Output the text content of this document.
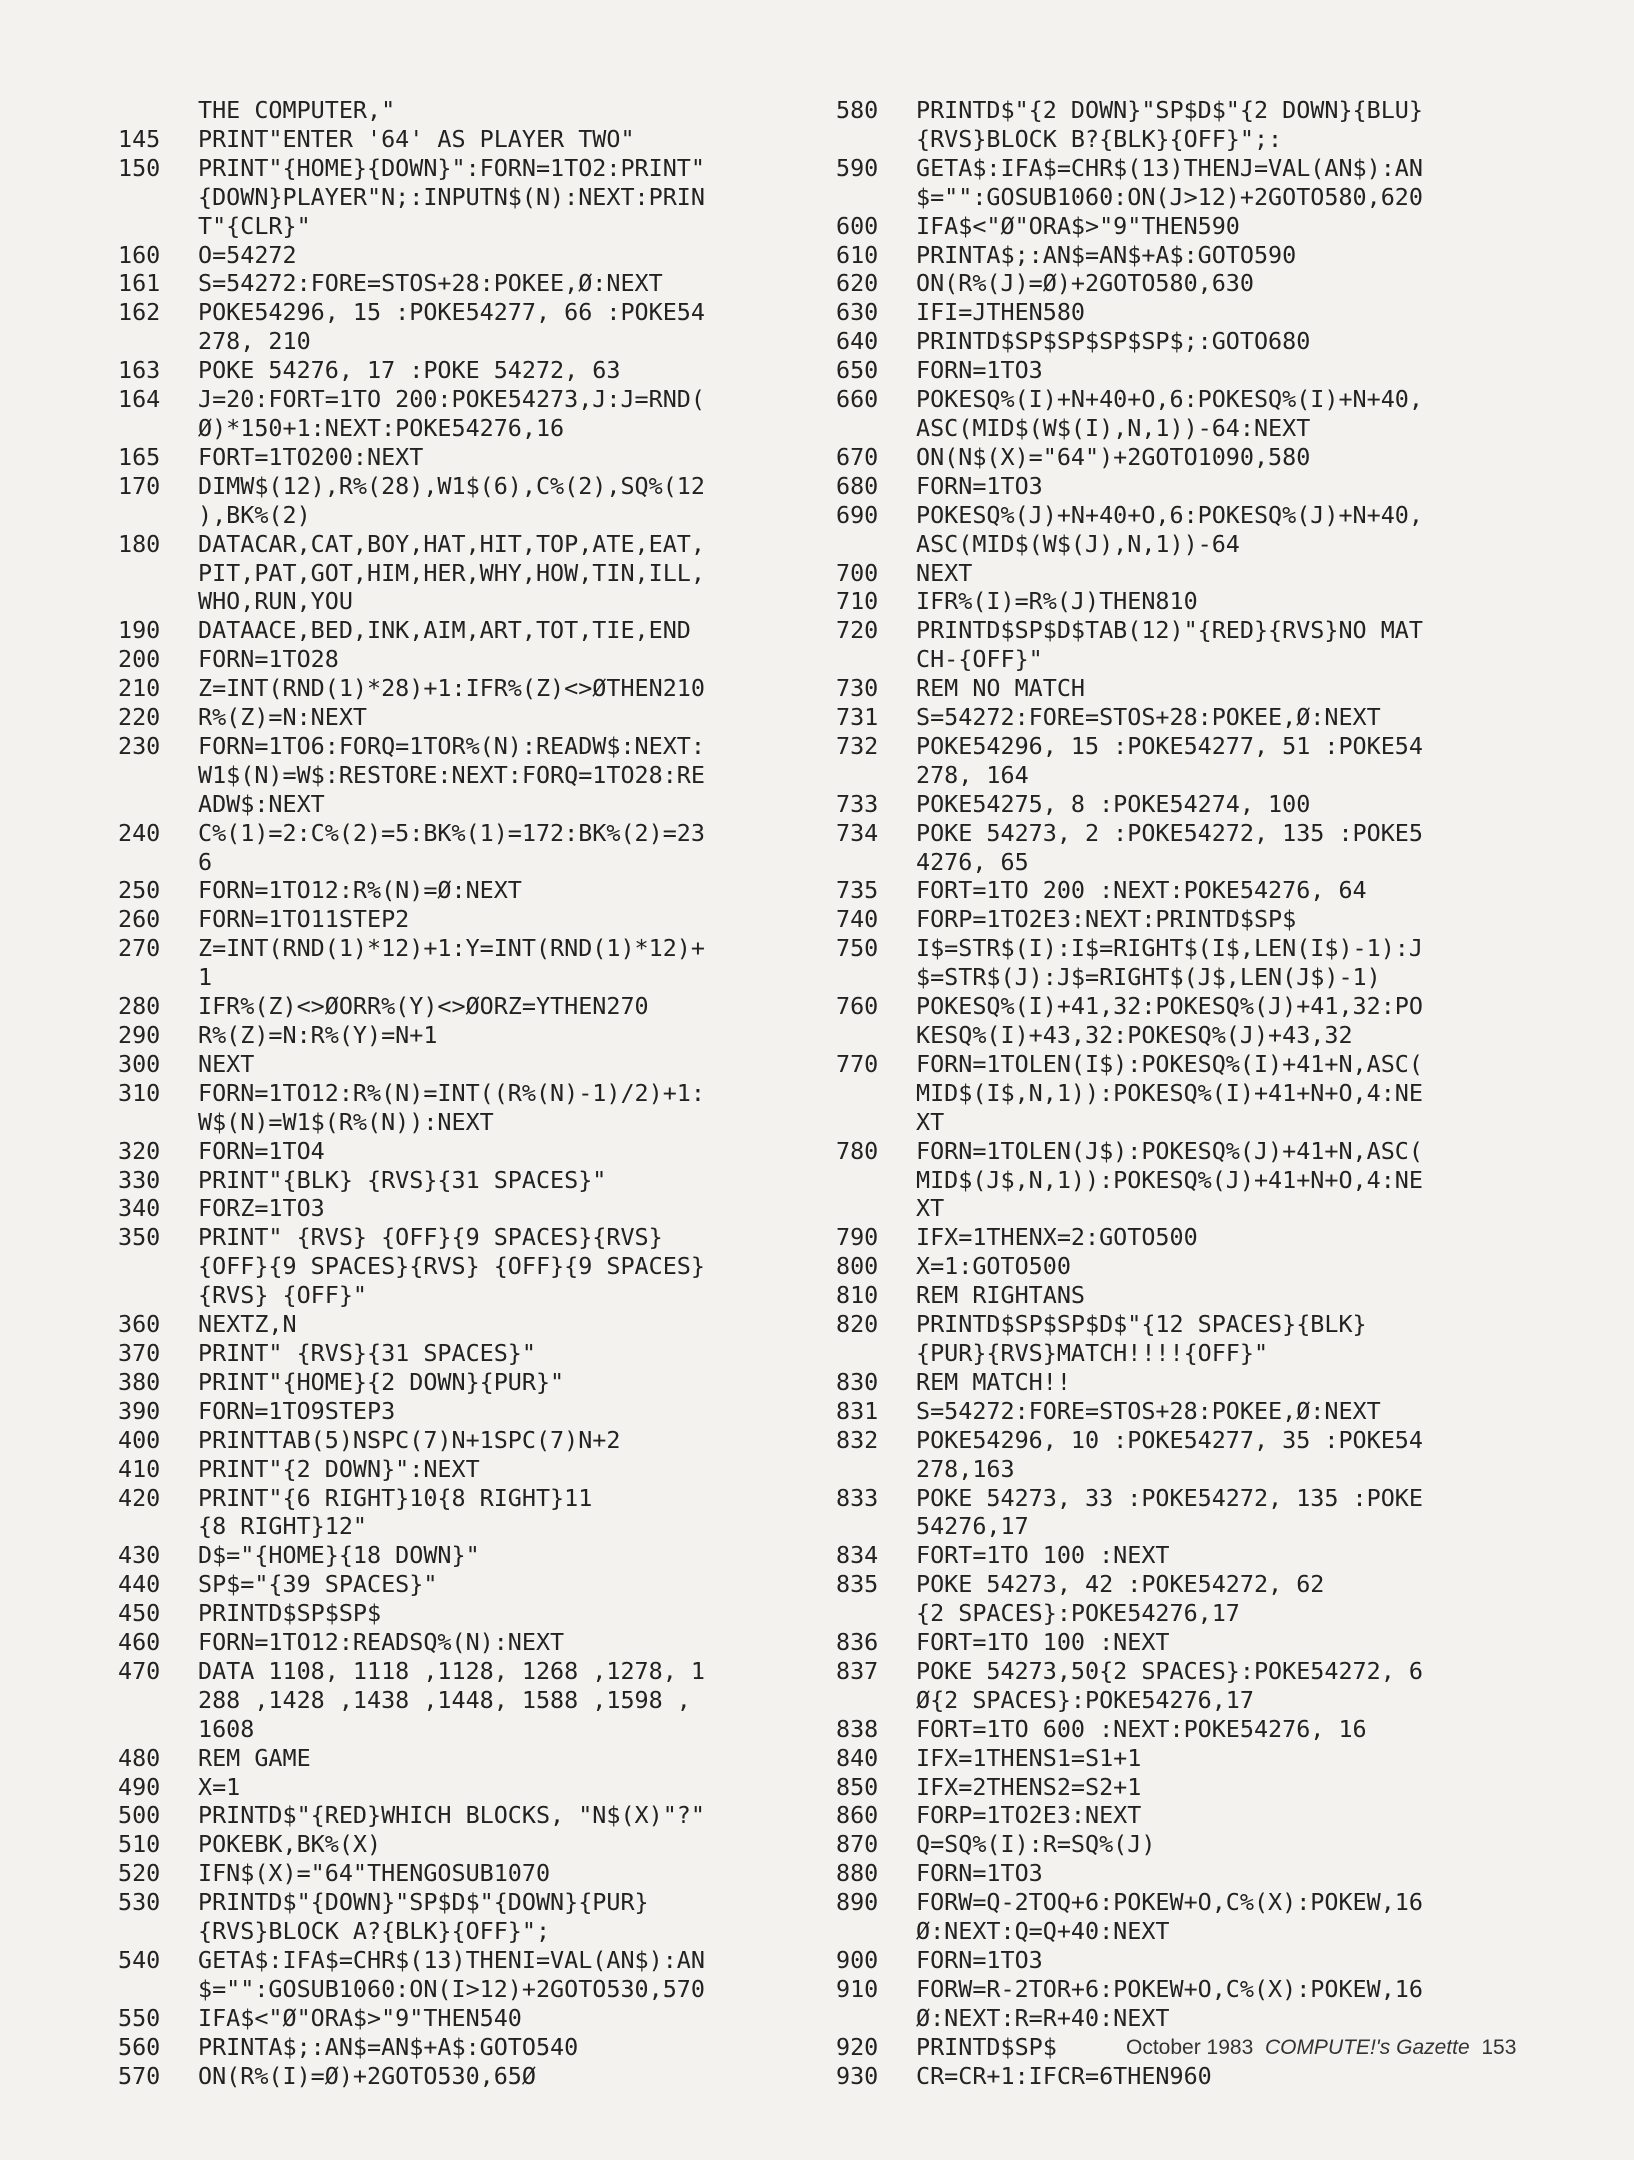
THE COMPUTER,"
145	PRINT"ENTER '64' AS PLAYER TWO"
150	PRINT"{HOME}{DOWN}":FORN=1TO2:PRINT"
{DOWN}PLAYER"N;:INPUTN$(N):NEXT:PRIN
T"{CLR}"
160	O=54272
161	S=54272:FORE=STOS+28:POKEE,Ø:NEXT
162	POKE54296, 15 :POKE54277, 66 :POKE54
278, 210
163	POKE 54276, 17 :POKE 54272, 63
164	J=20:FORT=1TO 200:POKE54273,J:J=RND(
Ø)*150+1:NEXT:POKE54276,16
165	FORT=1TO200:NEXT
170	DIMW$(12),R%(28),W1$(6),C%(2),SQ%(12
),BK%(2)
180	DATACAR,CAT,BOY,HAT,HIT,TOP,ATE,EAT,
PIT,PAT,GOT,HIM,HER,WHY,HOW,TIN,ILL,
WHO,RUN,YOU
190	DATAACE,BED,INK,AIM,ART,TOT,TIE,END
200	FORN=1TO28
210	Z=INT(RND(1)*28)+1:IFR%(Z)<>ØTHEN210
220	R%(Z)=N:NEXT
230	FORN=1TO6:FORQ=1TOR%(N):READW$:NEXT:
W1$(N)=W$:RESTORE:NEXT:FORQ=1TO28:RE
ADW$:NEXT
240	C%(1)=2:C%(2)=5:BK%(1)=172:BK%(2)=23
6
250	FORN=1TO12:R%(N)=Ø:NEXT
260	FORN=1TO11STEP2
270	Z=INT(RND(1)*12)+1:Y=INT(RND(1)*12)+
1
280	IFR%(Z)<>ØORR%(Y)<>ØORZ=YTHEN270
290	R%(Z)=N:R%(Y)=N+1
300	NEXT
310	FORN=1TO12:R%(N)=INT((R%(N)-1)/2)+1:
W$(N)=W1$(R%(N)):NEXT
320	FORN=1TO4
330	PRINT"{BLK} {RVS}{31 SPACES}"
340	FORZ=1TO3
350	PRINT" {RVS} {OFF}{9 SPACES}{RVS}
{OFF}{9 SPACES}{RVS} {OFF}{9 SPACES}
{RVS} {OFF}"
360	NEXTZ,N
370	PRINT" {RVS}{31 SPACES}"
380	PRINT"{HOME}{2 DOWN}{PUR}"
390	FORN=1TO9STEP3
400	PRINTTAB(5)NSPC(7)N+1SPC(7)N+2
410	PRINT"{2 DOWN}":NEXT
420	PRINT"{6 RIGHT}10{8 RIGHT}11
{8 RIGHT}12"
430	D$="{HOME}{18 DOWN}"
440	SP$="{39 SPACES}"
450	PRINTD$SP$SP$
460	FORN=1TO12:READSQ%(N):NEXT
470	DATA 1108, 1118 ,1128, 1268 ,1278, 1
288 ,1428 ,1438 ,1448, 1588 ,1598 ,
1608
480	REM GAME
490	X=1
500	PRINTD$"{RED}WHICH BLOCKS, "N$(X)"?"
510	POKEBK,BK%(X)
520	IFN$(X)="64"THENGOSUB1070
530	PRINTD$"{DOWN}"SP$D$"{DOWN}{PUR}
{RVS}BLOCK A?{BLK}{OFF}";
540	GETA$:IFA$=CHR$(13)THENI=VAL(AN$):AN
$="":GOSUB1060:ON(I>12)+2GOTO530,570
550	IFA$<"Ø"ORA$>"9"THEN540
560	PRINTA$;:AN$=AN$+A$:GOTO540
570	ON(R%(I)=Ø)+2GOTO530,65Ø
580	PRINTD$"{2 DOWN}"SP$D$"{2 DOWN}{BLU}
{RVS}BLOCK B?{BLK}{OFF}";:
590	GETA$:IFA$=CHR$(13)THENJ=VAL(AN$):AN
$="":GOSUB1060:ON(J>12)+2GOTO580,620
600	IFA$<"Ø"ORA$>"9"THEN590
610	PRINTA$;:AN$=AN$+A$:GOTO590
620	ON(R%(J)=Ø)+2GOTO580,630
630	IFI=JTHEN580
640	PRINTD$SP$SP$SP$SP$;:GOTO680
650	FORN=1TO3
660	POKESQ%(I)+N+40+O,6:POKESQ%(I)+N+40,
ASC(MID$(W$(I),N,1))-64:NEXT
670	ON(N$(X)="64")+2GOTO1090,580
680	FORN=1TO3
690	POKESQ%(J)+N+40+O,6:POKESQ%(J)+N+40,
ASC(MID$(W$(J),N,1))-64
700	NEXT
710	IFR%(I)=R%(J)THEN810
720	PRINTD$SP$D$TAB(12)"{RED}{RVS}NO MAT
CH-{OFF}"
730	REM NO MATCH
731	S=54272:FORE=STOS+28:POKEE,Ø:NEXT
732	POKE54296, 15 :POKE54277, 51 :POKE54
278, 164
733	POKE54275, 8 :POKE54274, 100
734	POKE 54273, 2 :POKE54272, 135 :POKE5
4276, 65
735	FORT=1TO 200 :NEXT:POKE54276, 64
740	FORP=1TO2E3:NEXT:PRINTD$SP$
750	I$=STR$(I):I$=RIGHT$(I$,LEN(I$)-1):J
$=STR$(J):J$=RIGHT$(J$,LEN(J$)-1)
760	POKESQ%(I)+41,32:POKESQ%(J)+41,32:PO
KESQ%(I)+43,32:POKESQ%(J)+43,32
770	FORN=1TOLEN(I$):POKESQ%(I)+41+N,ASC(
MID$(I$,N,1)):POKESQ%(I)+41+N+O,4:NE
XT
780	FORN=1TOLEN(J$):POKESQ%(J)+41+N,ASC(
MID$(J$,N,1)):POKESQ%(J)+41+N+O,4:NE
XT
790	IFX=1THENX=2:GOTO500
800	X=1:GOTO500
810	REM RIGHTANS
820	PRINTD$SP$SP$D$"{12 SPACES}{BLK}
{PUR}{RVS}MATCH!!!!{OFF}"
830	REM MATCH!!
831	S=54272:FORE=STOS+28:POKEE,Ø:NEXT
832	POKE54296, 10 :POKE54277, 35 :POKE54
278,163
833	POKE 54273, 33 :POKE54272, 135 :POKE
54276,17
834	FORT=1TO 100 :NEXT
835	POKE 54273, 42 :POKE54272, 62
{2 SPACES}:POKE54276,17
836	FORT=1TO 100 :NEXT
837	POKE 54273,50{2 SPACES}:POKE54272, 6
Ø{2 SPACES}:POKE54276,17
838	FORT=1TO 600 :NEXT:POKE54276, 16
840	IFX=1THENS1=S1+1
850	IFX=2THENS2=S2+1
860	FORP=1TO2E3:NEXT
870	Q=SQ%(I):R=SQ%(J)
880	FORN=1TO3
890	FORW=Q-2TOQ+6:POKEW+O,C%(X):POKEW,16
Ø:NEXT:Q=Q+40:NEXT
900	FORN=1TO3
910	FORW=R-2TOR+6:POKEW+O,C%(X):POKEW,16
Ø:NEXT:R=R+40:NEXT
920	PRINTD$SP$
930	CR=CR+1:IFCR=6THEN960
October 1983 COMPUTE!'s Gazette 153
